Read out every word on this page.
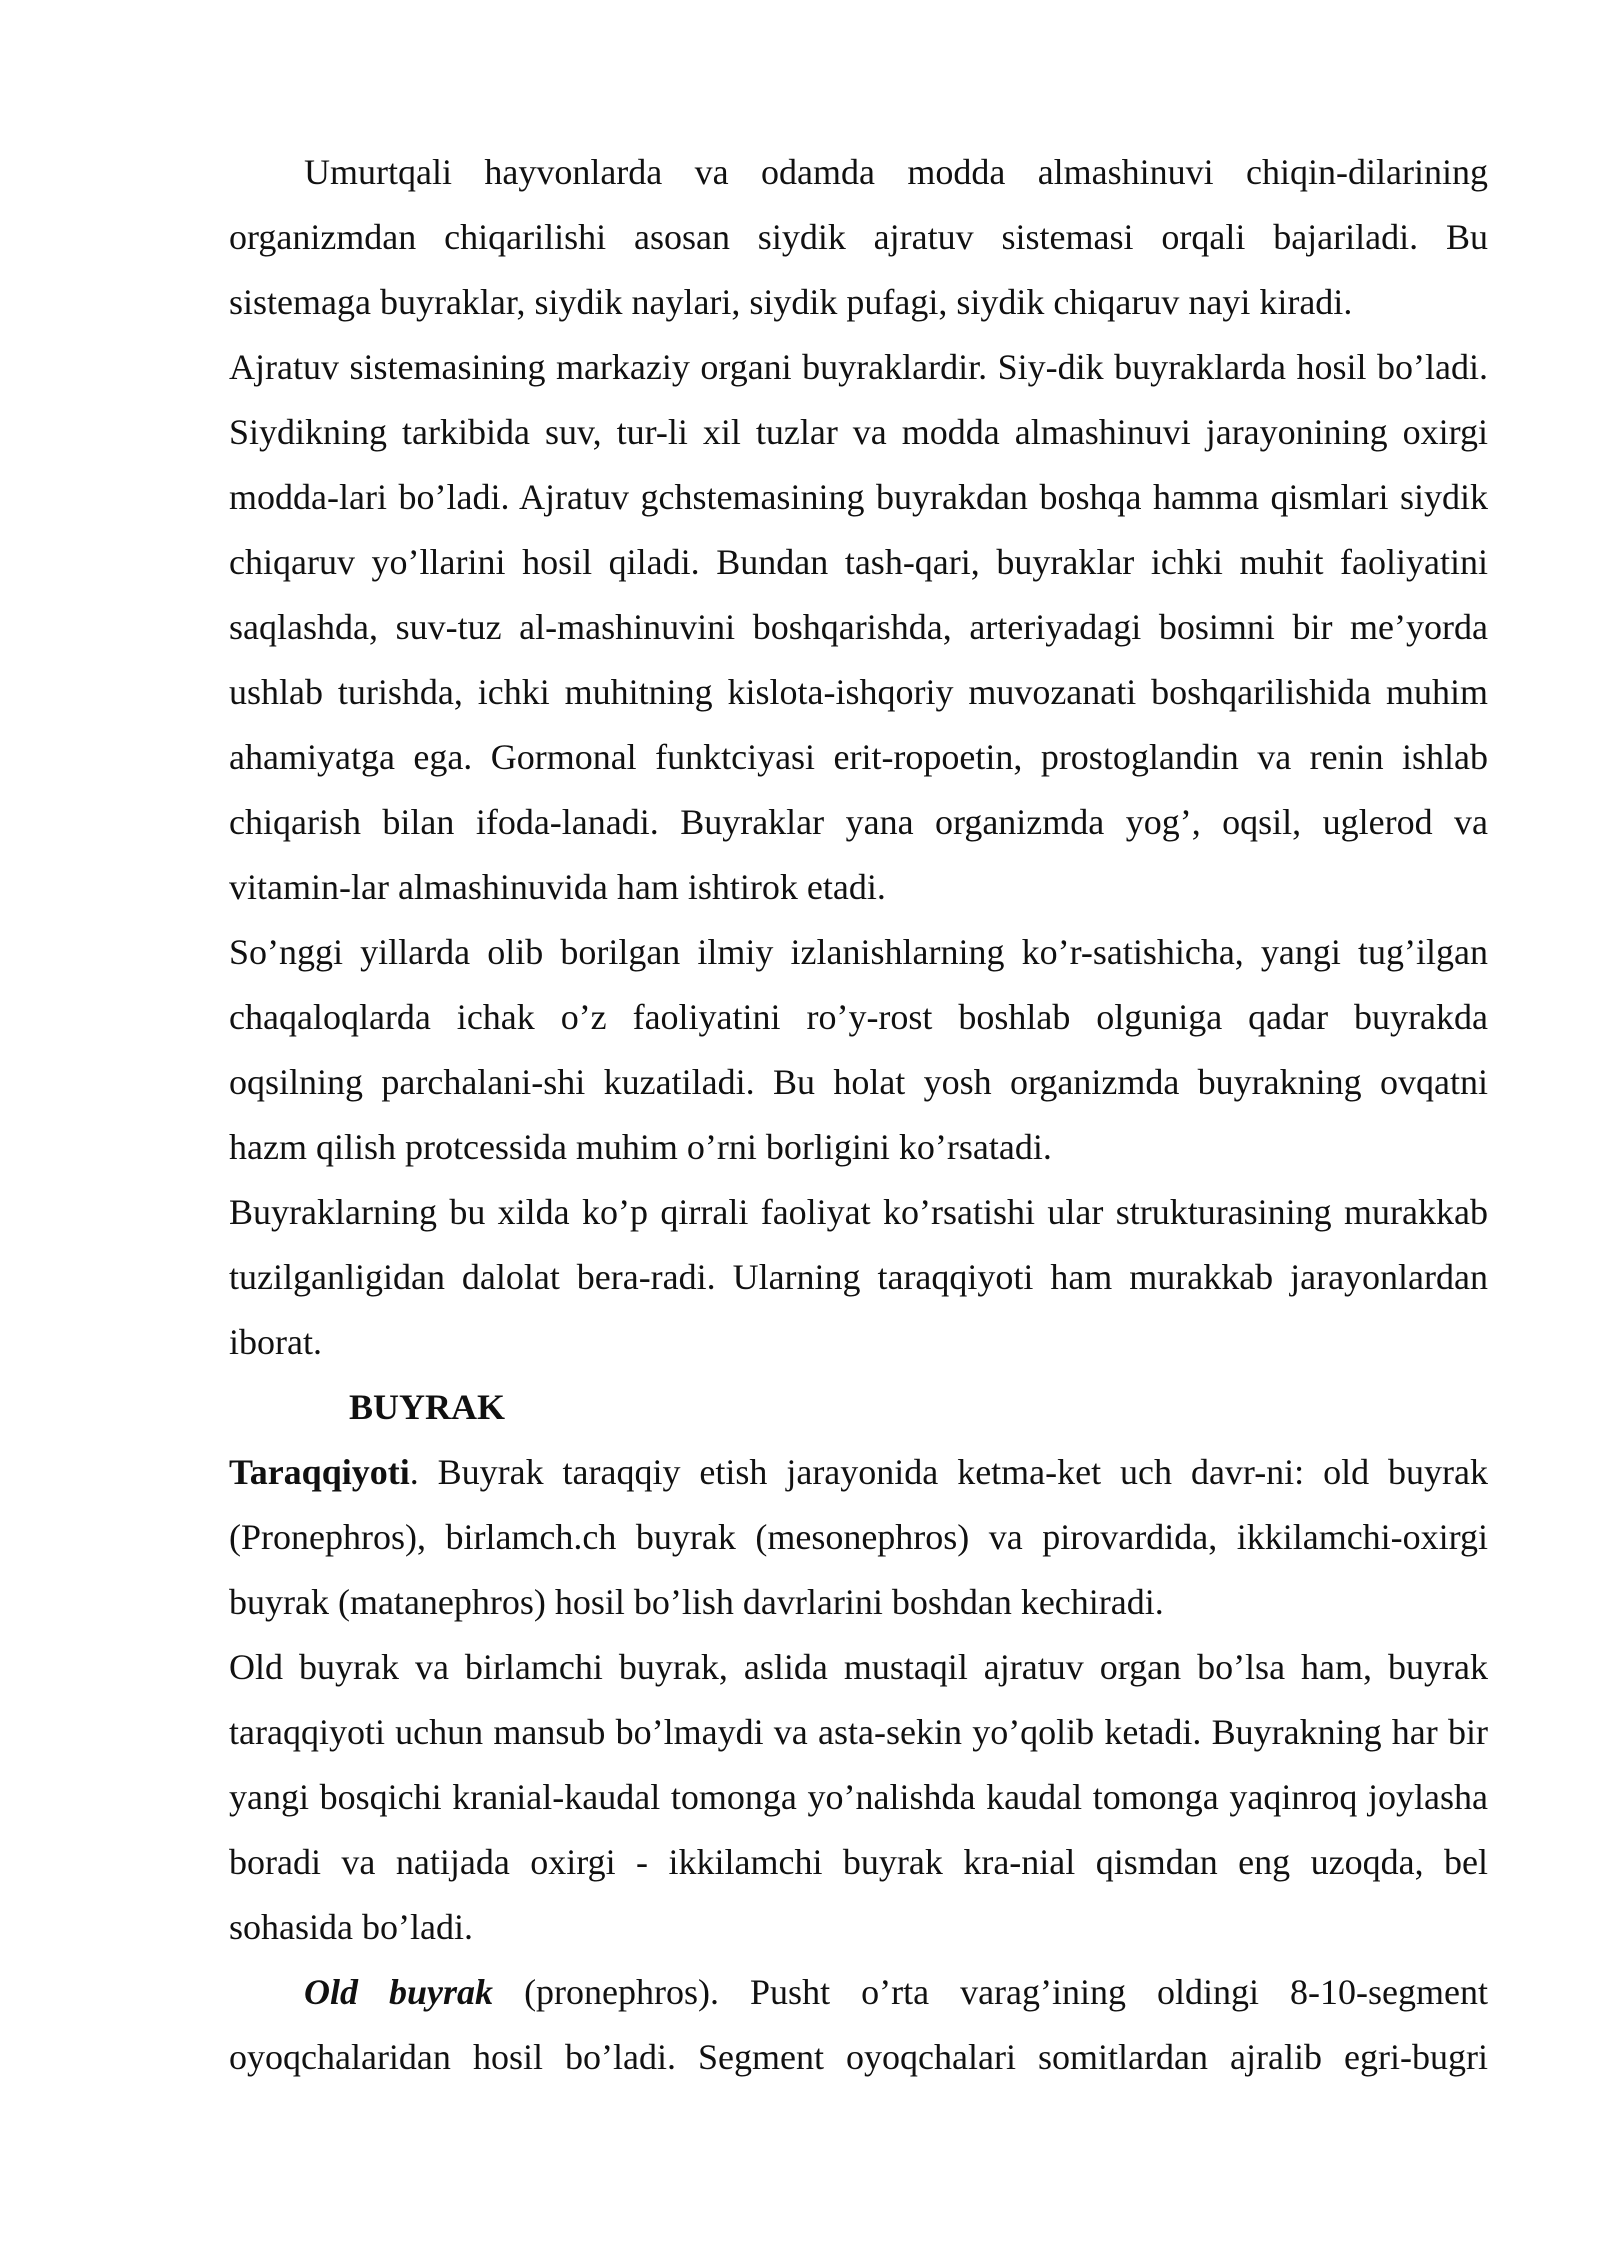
Umurtqali hayvonlarda va odamda modda almashinuvi chiqin-dilarining organizmdan chiqarilishi asosan siydik ajratuv sistemasi orqali bajariladi. Bu sistemaga buyraklar, siydik naylari, siydik pufagi, siydik chiqaruv nayi kiradi.

Ajratuv sistemasining markaziy organi buyraklardir. Siy-dik buyraklarda hosil bo’ladi. Siydikning tarkibida suv, tur-li xil tuzlar va modda almashinuvi jarayonining oxirgi modda-lari bo’ladi. Ajratuv gchstemasining buyrakdan boshqa hamma qismlari siydik chiqaruv yo’llarini hosil qiladi. Bundan tash-qari, buyraklar ichki muhit faoliyatini saqlashda, suv-tuz al-mashinuvini boshqarishda, arteriyadagi bosimni bir me’yorda ushlab turishda, ichki muhitning kislota-ishqoriy muvozanati boshqarilishida muhim ahamiyatga ega. Gormonal funktciyasi erit-ropoetin, prostoglandin va renin ishlab chiqarish bilan ifoda-lanadi. Buyraklar yana organizmda yog’, oqsil, uglerod va vitamin-lar almashinuvida ham ishtirok etadi.

So’nggi yillarda olib borilgan ilmiy izlanishlarning ko’r-satishicha, yangi tug’ilgan chaqaloqlarda ichak o’z faoliyatini ro’y-rost boshlab olguniga qadar buyrakda oqsilning parchalani-shi kuzatiladi. Bu holat yosh organizmda buyrakning ovqatni hazm qilish protcessida muhim o’rni borligini ko’rsatadi.

Buyraklarning bu xilda ko’p qirrali faoliyat ko’rsatishi ular strukturasining murakkab tuzilganligidan dalolat bera-radi. Ularning taraqqiyoti ham murakkab jarayonlardan iborat.

BUYRAK

Taraqqiyoti. Buyrak taraqqiy etish jarayonida ketma-ket uch davr-ni: old buyrak (Pronephros), birlamch.ch buyrak (mesonephros) va pirovardida, ikkilamchi-oxirgi buyrak (matanephros) hosil bo’lish davrlarini boshdan kechiradi.

Old buyrak va birlamchi buyrak, aslida mustaqil ajratuv organ bo’lsa ham, buyrak taraqqiyoti uchun mansub bo’lmaydi va asta-sekin yo’qolib ketadi. Buyrakning har bir yangi bosqichi kranial-kaudal tomonga yo’nalishda kaudal tomonga yaqinroq joylasha boradi va natijada oxirgi - ikkilamchi buyrak kra-nial qismdan eng uzoqda, bel sohasida bo’ladi.

Old buyrak (pronephros). Pusht o’rta varag’ining oldingi 8-10-segment oyoqchalaridan hosil bo’ladi. Segment oyoqchalari somitlardan ajralib egri-bugri
